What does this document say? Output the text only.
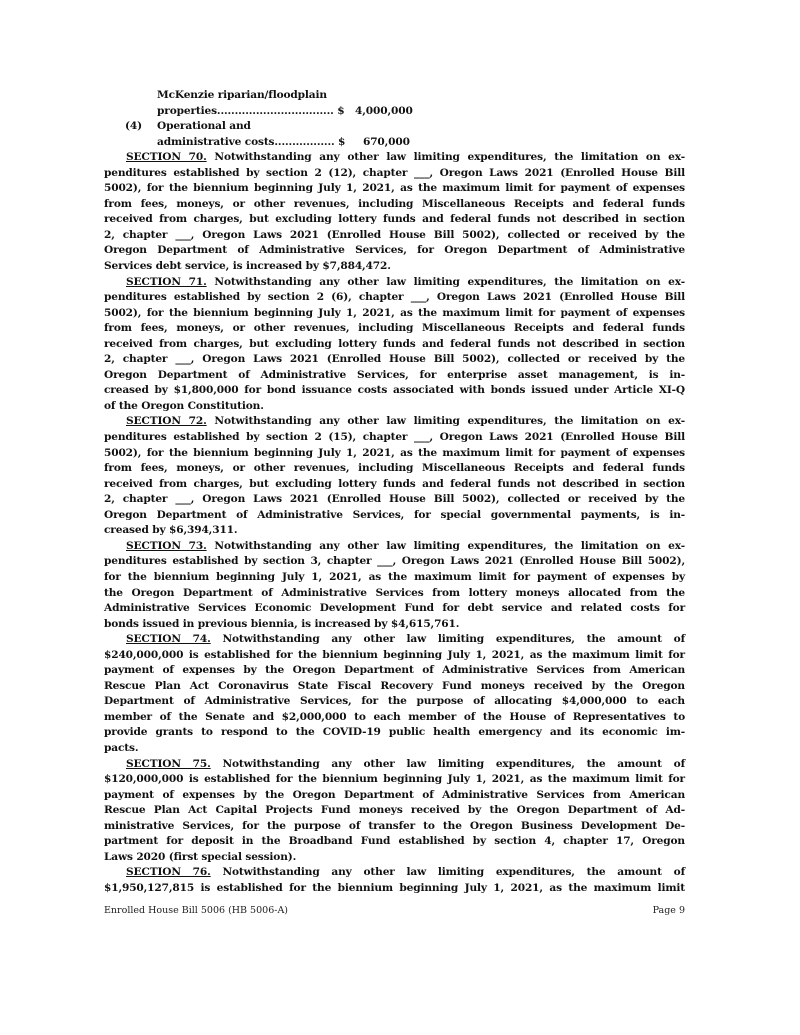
McKenzie riparian/floodplain
properties................................. $   4,000,000
(4) Operational and
administrative costs................. $     670,000
SECTION 70. Notwithstanding any other law limiting expenditures, the limitation on ex-
penditures established by section 2 (12), chapter ___, Oregon Laws 2021 (Enrolled House Bill
5002), for the biennium beginning July 1, 2021, as the maximum limit for payment of expenses
from fees, moneys, or other revenues, including Miscellaneous Receipts and federal funds
received from charges, but excluding lottery funds and federal funds not described in section
2, chapter ___, Oregon Laws 2021 (Enrolled House Bill 5002), collected or received by the
Oregon Department of Administrative Services, for Oregon Department of Administrative
Services debt service, is increased by $7,884,472.
SECTION 71. Notwithstanding any other law limiting expenditures, the limitation on ex-
penditures established by section 2 (6), chapter ___, Oregon Laws 2021 (Enrolled House Bill
5002), for the biennium beginning July 1, 2021, as the maximum limit for payment of expenses
from fees, moneys, or other revenues, including Miscellaneous Receipts and federal funds
received from charges, but excluding lottery funds and federal funds not described in section
2, chapter ___, Oregon Laws 2021 (Enrolled House Bill 5002), collected or received by the
Oregon Department of Administrative Services, for enterprise asset management, is in-
creased by $1,800,000 for bond issuance costs associated with bonds issued under Article XI-Q
of the Oregon Constitution.
SECTION 72. Notwithstanding any other law limiting expenditures, the limitation on ex-
penditures established by section 2 (15), chapter ___, Oregon Laws 2021 (Enrolled House Bill
5002), for the biennium beginning July 1, 2021, as the maximum limit for payment of expenses
from fees, moneys, or other revenues, including Miscellaneous Receipts and federal funds
received from charges, but excluding lottery funds and federal funds not described in section
2, chapter ___, Oregon Laws 2021 (Enrolled House Bill 5002), collected or received by the
Oregon Department of Administrative Services, for special governmental payments, is in-
creased by $6,394,311.
SECTION 73. Notwithstanding any other law limiting expenditures, the limitation on ex-
penditures established by section 3, chapter ___, Oregon Laws 2021 (Enrolled House Bill 5002),
for the biennium beginning July 1, 2021, as the maximum limit for payment of expenses by
the Oregon Department of Administrative Services from lottery moneys allocated from the
Administrative Services Economic Development Fund for debt service and related costs for
bonds issued in previous biennia, is increased by $4,615,761.
SECTION 74. Notwithstanding any other law limiting expenditures, the amount of
$240,000,000 is established for the biennium beginning July 1, 2021, as the maximum limit for
payment of expenses by the Oregon Department of Administrative Services from American
Rescue Plan Act Coronavirus State Fiscal Recovery Fund moneys received by the Oregon
Department of Administrative Services, for the purpose of allocating $4,000,000 to each
member of the Senate and $2,000,000 to each member of the House of Representatives to
provide grants to respond to the COVID-19 public health emergency and its economic im-
pacts.
SECTION 75. Notwithstanding any other law limiting expenditures, the amount of
$120,000,000 is established for the biennium beginning July 1, 2021, as the maximum limit for
payment of expenses by the Oregon Department of Administrative Services from American
Rescue Plan Act Capital Projects Fund moneys received by the Oregon Department of Ad-
ministrative Services, for the purpose of transfer to the Oregon Business Development De-
partment for deposit in the Broadband Fund established by section 4, chapter 17, Oregon
Laws 2020 (first special session).
SECTION 76. Notwithstanding any other law limiting expenditures, the amount of
$1,950,127,815 is established for the biennium beginning July 1, 2021, as the maximum limit
Enrolled House Bill 5006 (HB 5006-A)	Page 9
